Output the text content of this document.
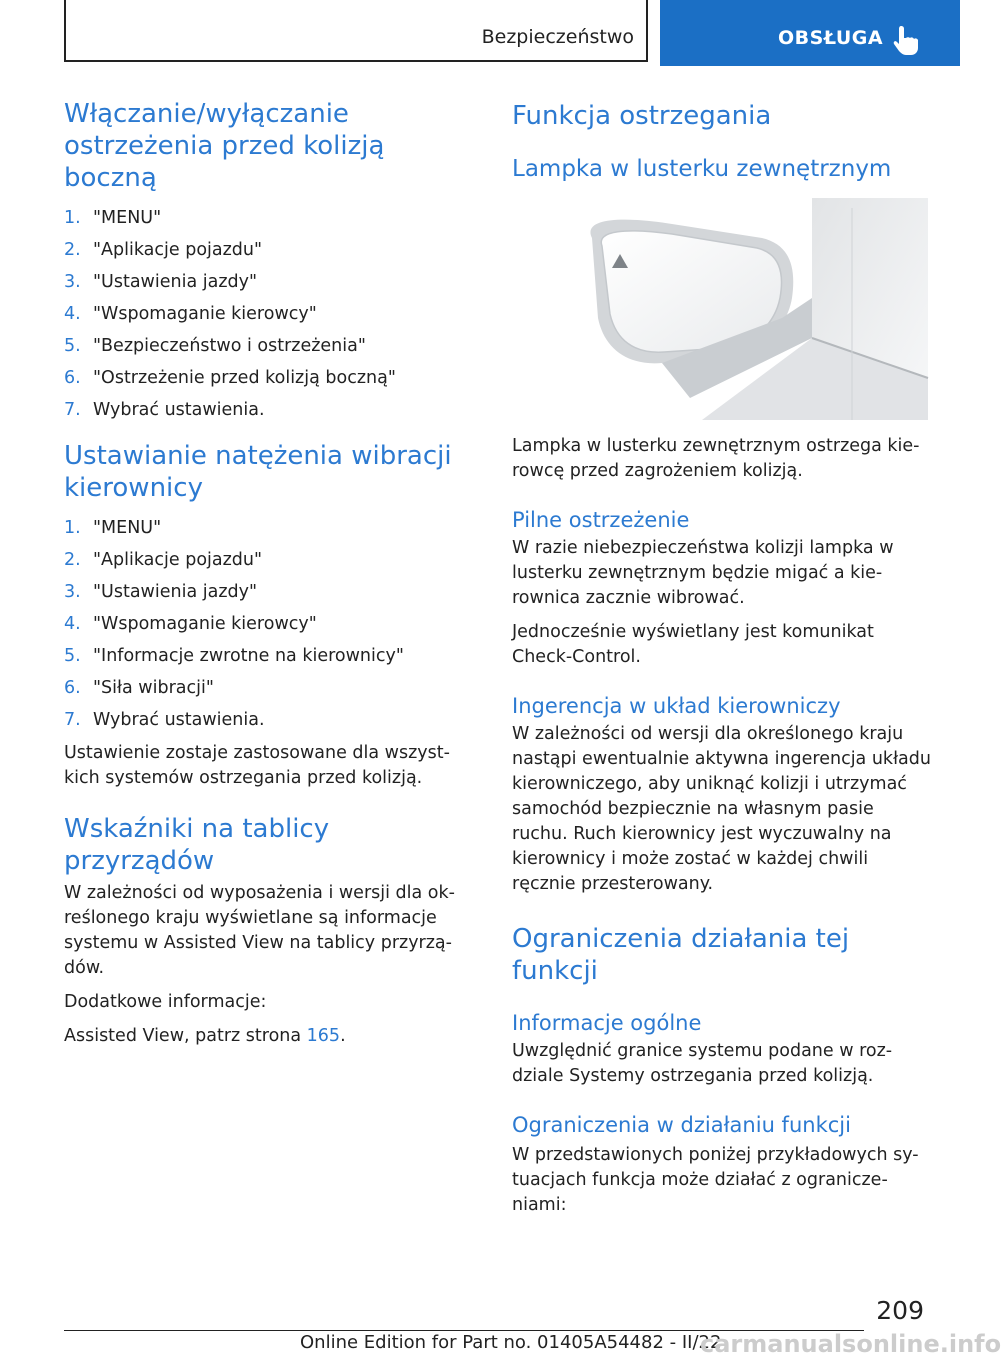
Bezpieczeństwo	OBSŁUGA
Włączanie/wyłączanie ostrzeżenia przed kolizją boczną
1. "MENU"
2. "Aplikacje pojazdu"
3. "Ustawienia jazdy"
4. "Wspomaganie kierowcy"
5. "Bezpieczeństwo i ostrzeżenia"
6. "Ostrzeżenie przed kolizją boczną"
7. Wybrać ustawienia.
Ustawianie natężenia wibracji kierownicy
1. "MENU"
2. "Aplikacje pojazdu"
3. "Ustawienia jazdy"
4. "Wspomaganie kierowcy"
5. "Informacje zwrotne na kierownicy"
6. "Siła wibracji"
7. Wybrać ustawienia.

Ustawienie zostaje zastosowane dla wszyst-kich systemów ostrzegania przed kolizją.

Wskaźniki na tablicy przyrządów

W zależności od wyposażenia i wersji dla ok-reślonego kraju wyświetlane są informacje systemu w Assisted View na tablicy przyrzą-dów.

Dodatkowe informacje:

Assisted View, patrz strona 165.

Funkcja ostrzegania
Lampka w lusterku zewnętrznym

Lampka w lusterku zewnętrznym ostrzega kie-rowcę przed zagrożeniem kolizją.

Pilne ostrzeżenie

W razie niebezpieczeństwa kolizji lampka w lusterku zewnętrznym będzie migać a kie-rownica zacznie wibrować.

Jednocześnie wyświetlany jest komunikat Check-Control.

Ingerencja w układ kierowniczy

W zależności od wersji dla określonego kraju nastąpi ewentualnie aktywna ingerencja układu kierowniczego, aby uniknąć kolizji i utrzymać samochód bezpiecznie na własnym pasie ruchu. Ruch kierownicy jest wyczuwalny na kierownicy i może zostać w każdej chwili ręcznie przesterowany.

Ograniczenia działania tej funkcji
Informacje ogólne

Uwzględnić granice systemu podane w roz-dziale Systemy ostrzegania przed kolizją.

Ograniczenia w działaniu funkcji

W przedstawionych poniżej przykładowych sy-tuacjach funkcja może działać z ogranicze-niami:

209
Online Edition for Part no. 01405A54482 - II/22
carmanualsonline.info
